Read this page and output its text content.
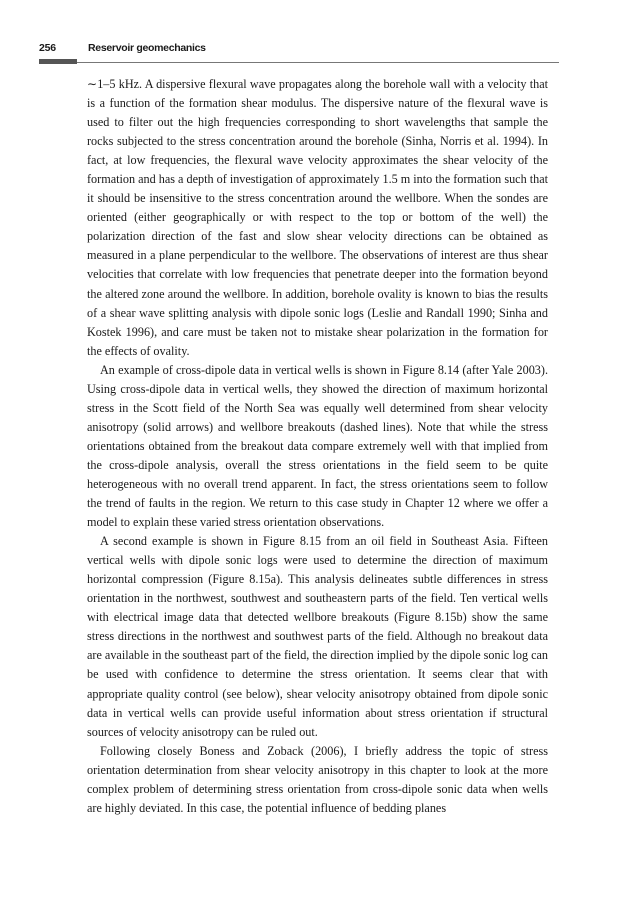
256	Reservoir geomechanics

∼1–5 kHz. A dispersive flexural wave propagates along the borehole wall with a velocity that is a function of the formation shear modulus. The dispersive nature of the flexural wave is used to filter out the high frequencies corresponding to short wavelengths that sample the rocks subjected to the stress concentration around the borehole (Sinha, Norris et al. 1994). In fact, at low frequencies, the flexural wave velocity approximates the shear velocity of the formation and has a depth of investigation of approximately 1.5 m into the formation such that it should be insensitive to the stress concentration around the wellbore. When the sondes are oriented (either geographically or with respect to the top or bottom of the well) the polarization direction of the fast and slow shear velocity directions can be obtained as measured in a plane perpendicular to the wellbore. The observations of interest are thus shear velocities that correlate with low frequencies that penetrate deeper into the formation beyond the altered zone around the wellbore. In addition, borehole ovality is known to bias the results of a shear wave splitting analysis with dipole sonic logs (Leslie and Randall 1990; Sinha and Kostek 1996), and care must be taken not to mistake shear polarization in the formation for the effects of ovality.

An example of cross-dipole data in vertical wells is shown in Figure 8.14 (after Yale 2003). Using cross-dipole data in vertical wells, they showed the direction of maximum horizontal stress in the Scott field of the North Sea was equally well determined from shear velocity anisotropy (solid arrows) and wellbore breakouts (dashed lines). Note that while the stress orientations obtained from the breakout data compare extremely well with that implied from the cross-dipole analysis, overall the stress orientations in the field seem to be quite heterogeneous with no overall trend apparent. In fact, the stress orientations seem to follow the trend of faults in the region. We return to this case study in Chapter 12 where we offer a model to explain these varied stress orientation observations.

A second example is shown in Figure 8.15 from an oil field in Southeast Asia. Fifteen vertical wells with dipole sonic logs were used to determine the direction of maximum horizontal compression (Figure 8.15a). This analysis delineates subtle differences in stress orientation in the northwest, southwest and southeastern parts of the field. Ten vertical wells with electrical image data that detected wellbore breakouts (Figure 8.15b) show the same stress directions in the northwest and southwest parts of the field. Although no breakout data are available in the southeast part of the field, the direction implied by the dipole sonic log can be used with confidence to determine the stress orientation. It seems clear that with appropriate quality control (see below), shear velocity anisotropy obtained from dipole sonic data in vertical wells can provide useful information about stress orientation if structural sources of velocity anisotropy can be ruled out.

Following closely Boness and Zoback (2006), I briefly address the topic of stress orientation determination from shear velocity anisotropy in this chapter to look at the more complex problem of determining stress orientation from cross-dipole sonic data when wells are highly deviated. In this case, the potential influence of bedding planes
